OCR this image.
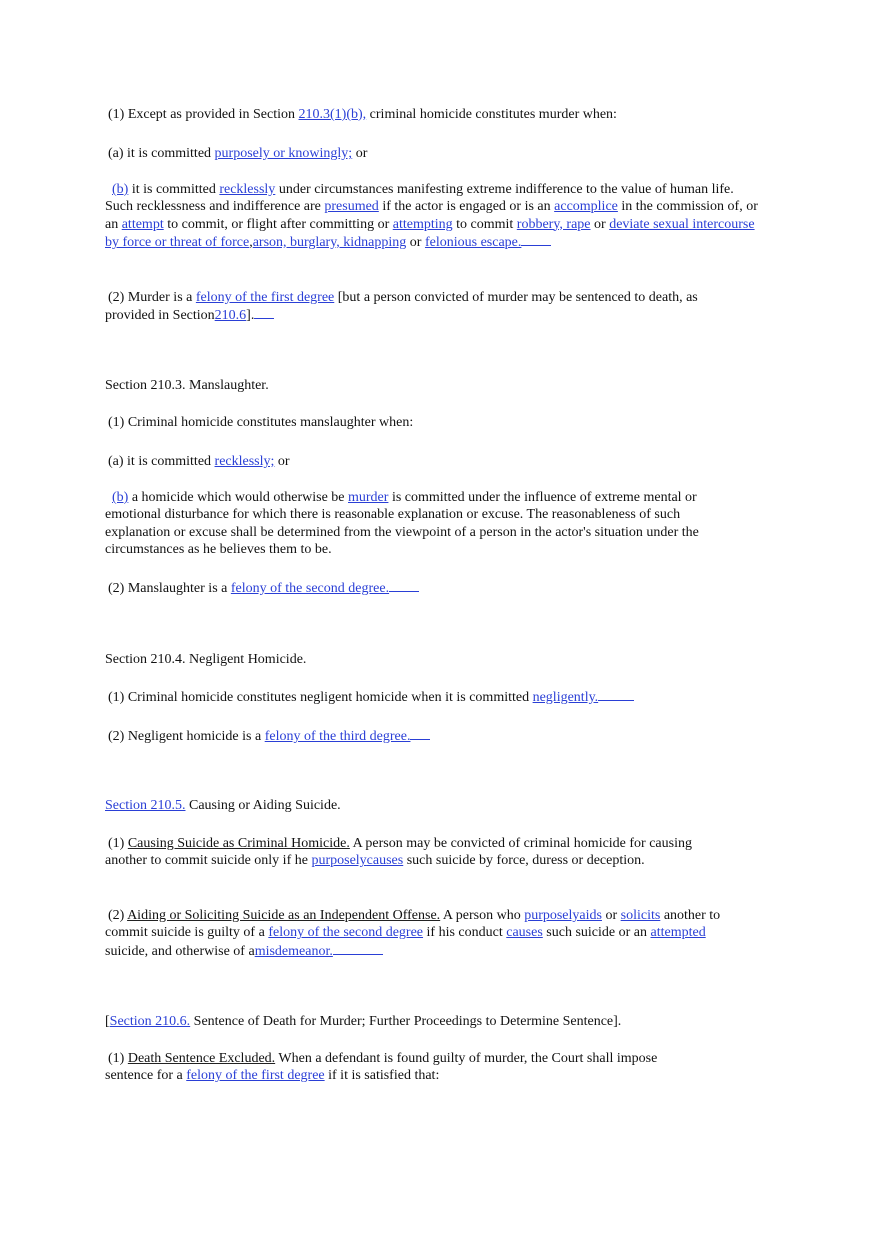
(1) Except as provided in Section 210.3(1)(b), criminal homicide constitutes murder when:
(a) it is committed purposely or knowingly; or
(b) it is committed recklessly under circumstances manifesting extreme indifference to the value of human life. Such recklessness and indifference are presumed if the actor is engaged or is an accomplice in the commission of, or an attempt to commit, or flight after committing or attempting to commit robbery, rape or deviate sexual intercourse by force or threat of force,arson, burglary, kidnapping or felonious escape.
(2) Murder is a felony of the first degree [but a person convicted of murder may be sentenced to death, as provided in Section210.6].
Section 210.3. Manslaughter.
(1) Criminal homicide constitutes manslaughter when:
(a) it is committed recklessly; or
(b) a homicide which would otherwise be murder is committed under the influence of extreme mental or emotional disturbance for which there is reasonable explanation or excuse. The reasonableness of such explanation or excuse shall be determined from the viewpoint of a person in the actor's situation under the circumstances as he believes them to be.
(2) Manslaughter is a felony of the second degree.
Section 210.4. Negligent Homicide.
(1) Criminal homicide constitutes negligent homicide when it is committed negligently.
(2) Negligent homicide is a felony of the third degree.
Section 210.5. Causing or Aiding Suicide.
(1) Causing Suicide as Criminal Homicide. A person may be convicted of criminal homicide for causing another to commit suicide only if he purposelycauses such suicide by force, duress or deception.
(2) Aiding or Soliciting Suicide as an Independent Offense. A person who purposelyaids or solicits another to commit suicide is guilty of a felony of the second degree if his conduct causes such suicide or an attempted suicide, and otherwise of amisdemeanor.
[Section 210.6. Sentence of Death for Murder; Further Proceedings to Determine Sentence].
(1) Death Sentence Excluded. When a defendant is found guilty of murder, the Court shall impose sentence for a felony of the first degree if it is satisfied that:
